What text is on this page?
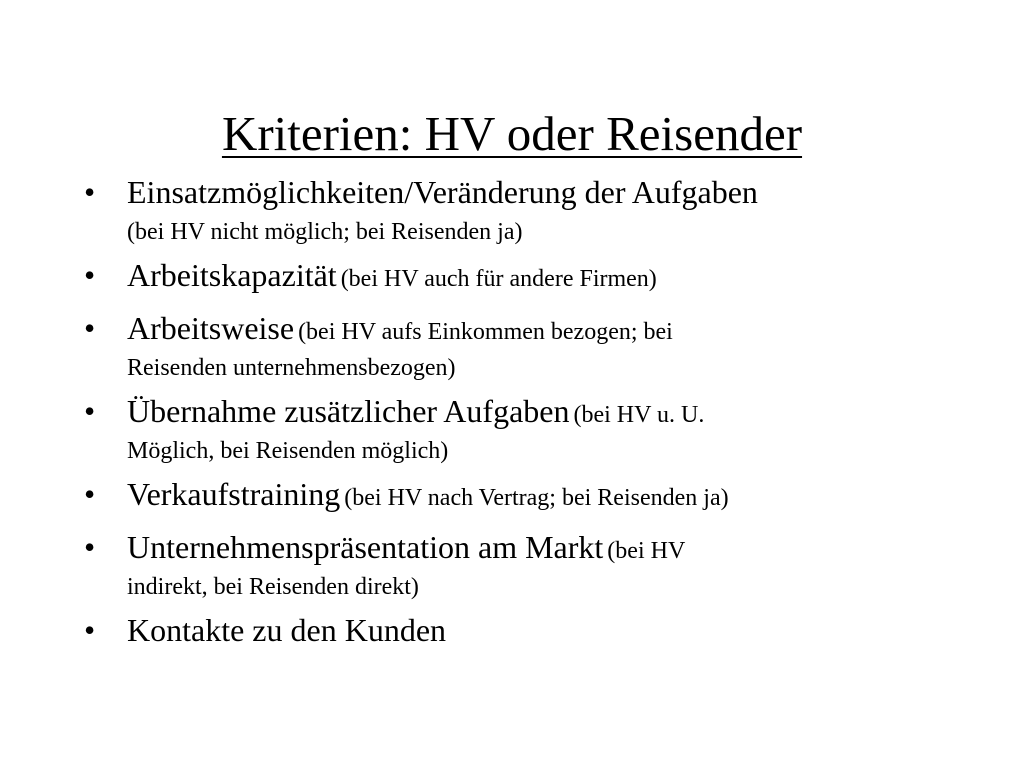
Kriterien: HV oder Reisender
• Einsatzmöglichkeiten/Veränderung der Aufgaben
(bei HV nicht möglich; bei Reisenden ja)
• Arbeitskapazität (bei HV auch für andere Firmen)
• Arbeitsweise (bei HV aufs Einkommen bezogen; bei
Reisenden unternehmensbezogen)
• Übernahme zusätzlicher Aufgaben (bei HV u. U.
Möglich, bei Reisenden möglich)
• Verkaufstraining (bei HV nach Vertrag; bei Reisenden ja)
• Unternehmenspräsentation am Markt (bei HV
indirekt, bei Reisenden direkt)
• Kontakte zu den Kunden
